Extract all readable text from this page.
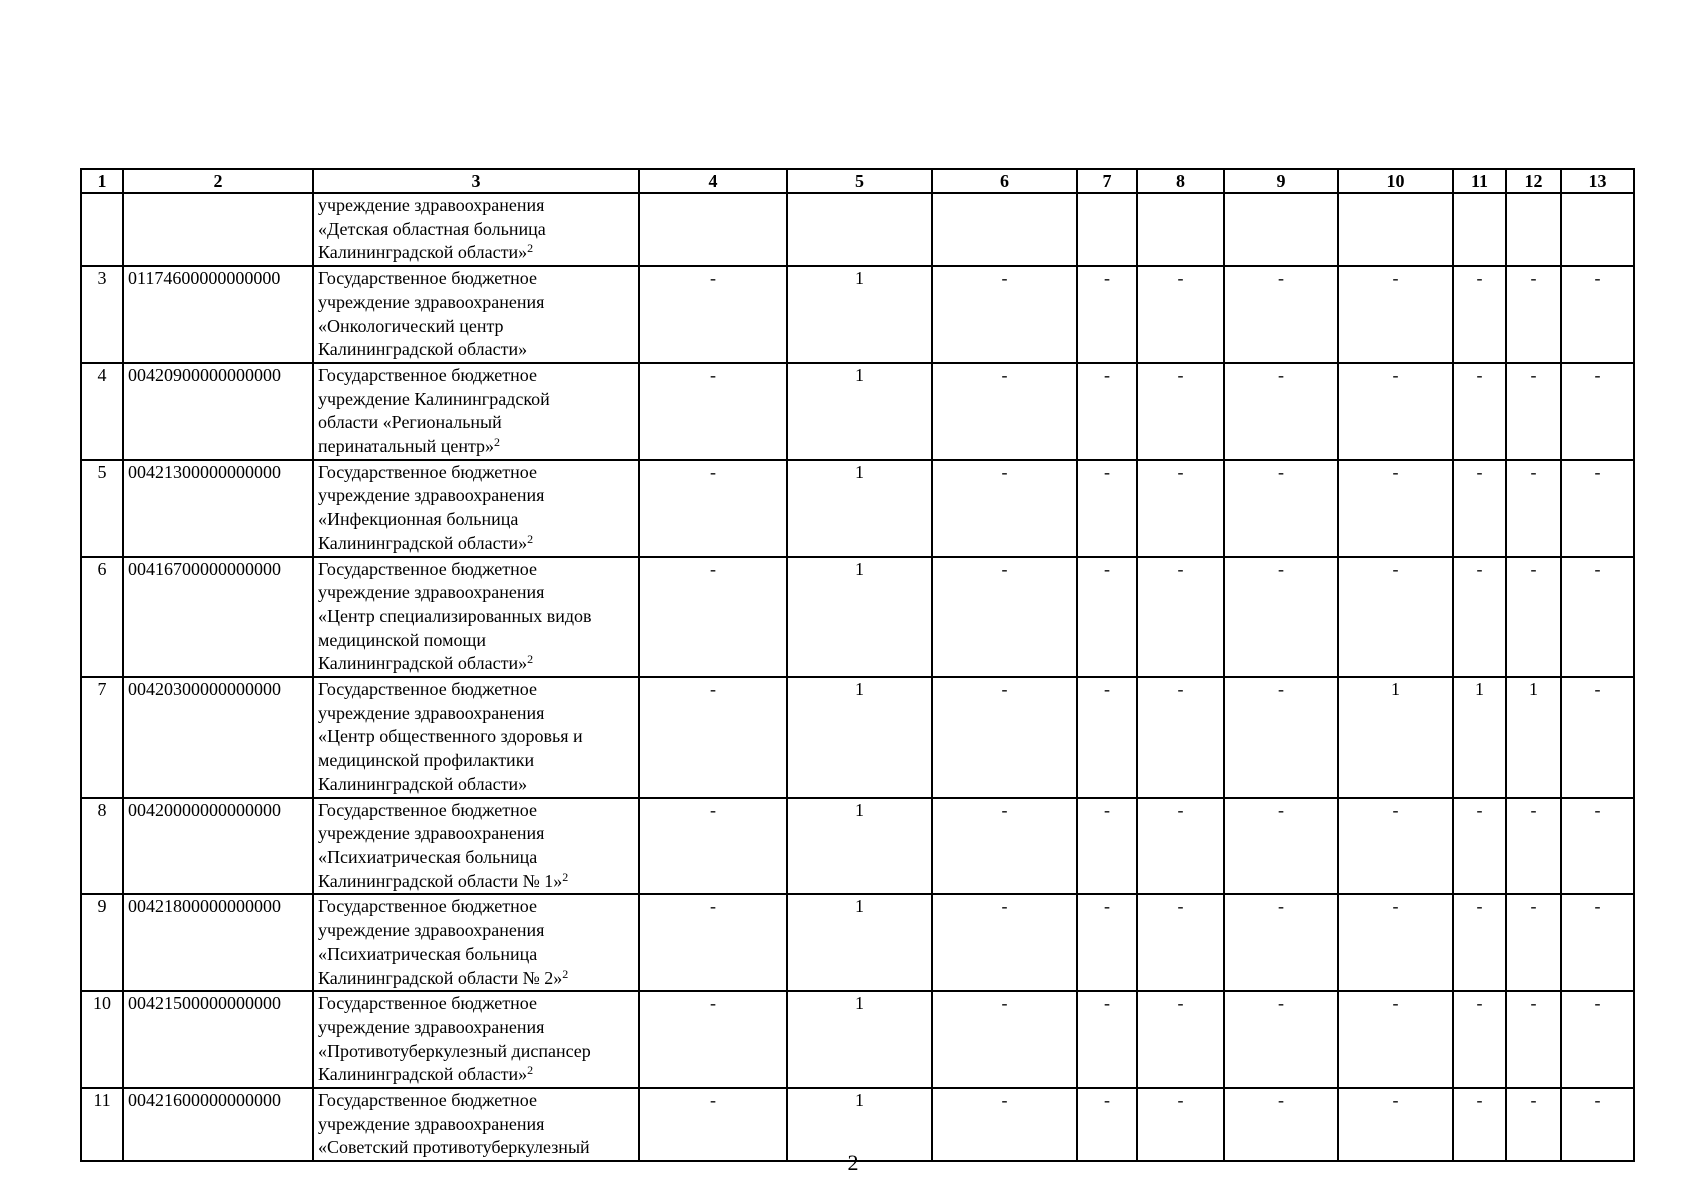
1	2	3	4	5	6	7	8	9	10	11	12	13

		учреждение здравоохранения
«Детская областная больница
Калининградской области»$^2$

3	01174600000000000	Государственное бюджетное
учреждение здравоохранения
«Онкологический центр
Калининградской области»	-	1	-	-	-	-	-	-	-	-
4	00420900000000000	Государственное бюджетное
учреждение Калининградской
области «Региональный
перинатальный центр»$^2$	-	1	-	-	-	-	-	-	-	-
5	00421300000000000	Государственное бюджетное
учреждение здравоохранения
«Инфекционная больница
Калининградской области»$^2$	-	1	-	-	-	-	-	-	-	-
6	00416700000000000	Государственное бюджетное
учреждение здравоохранения
«Центр специализированных видов
медицинской помощи
Калининградской области»$^2$	-	1	-	-	-	-	-	-	-	-
7	00420300000000000	Государственное бюджетное
учреждение здравоохранения
«Центр общественного здоровья и
медицинской профилактики
Калининградской области»	-	1	-	-	-	-	1	1	1	-
8	00420000000000000	Государственное бюджетное
учреждение здравоохранения
«Психиатрическая больница
Калининградской области № 1»$^2$	-	1	-	-	-	-	-	-	-	-
9	00421800000000000	Государственное бюджетное
учреждение здравоохранения
«Психиатрическая больница
Калининградской области № 2»$^2$	-	1	-	-	-	-	-	-	-	-
10	00421500000000000	Государственное бюджетное
учреждение здравоохранения
«Противотуберкулезный диспансер
Калининградской области»$^2$	-	1	-	-	-	-	-	-	-	-
11	00421600000000000	Государственное бюджетное
учреждение здравоохранения
«Советский противотуберкулезный	-	1	-	-	-	-	-	-	-	-
2
